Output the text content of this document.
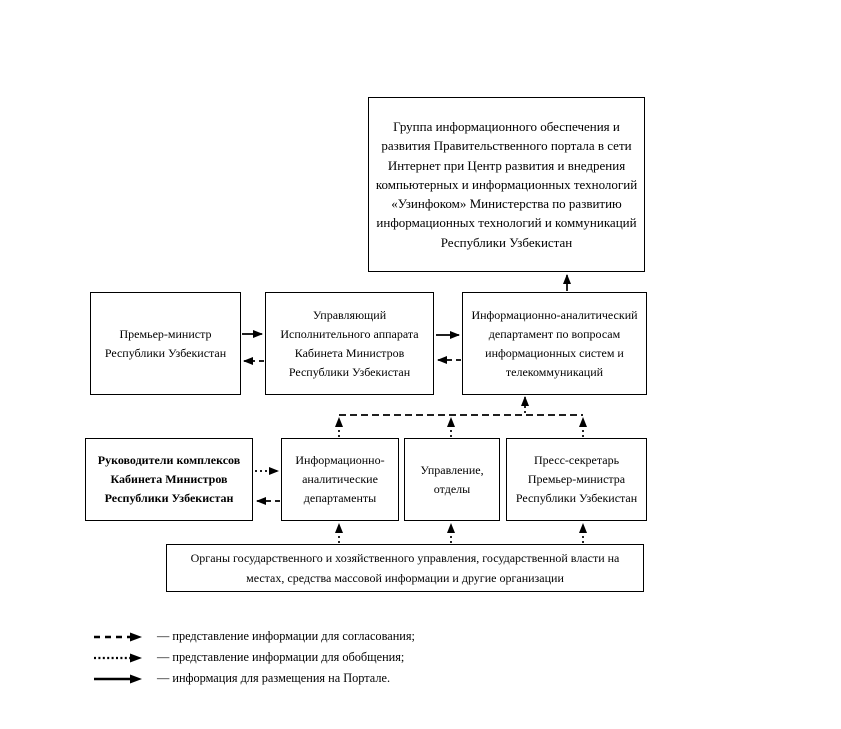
Группа информационного обеспечения и развития Правительственного портала в сети Интернет при Центр развития и внедрения компьютерных и информационных технологий «Узинфоком» Министерства по развитию информационных технологий и коммуникаций Республики Узбекистан
Премьер-министр Республики Узбекистан
Управляющий Исполнительного аппарата Кабинета Министров Республики Узбекистан
Информационно-аналитический департамент по вопросам информационных систем и телекоммуникаций
Руководители комплексов Кабинета Министров Республики Узбекистан
Информационно-аналитические департаменты
Управление, отделы
Пресс-секретарь Премьер-министра Республики Узбекистан
Органы государственного и хозяйственного управления, государственной власти на местах, средства массовой информации и другие организации
— представление информации для согласования;
— представление информации для обобщения;
— информация для размещения на Портале.
